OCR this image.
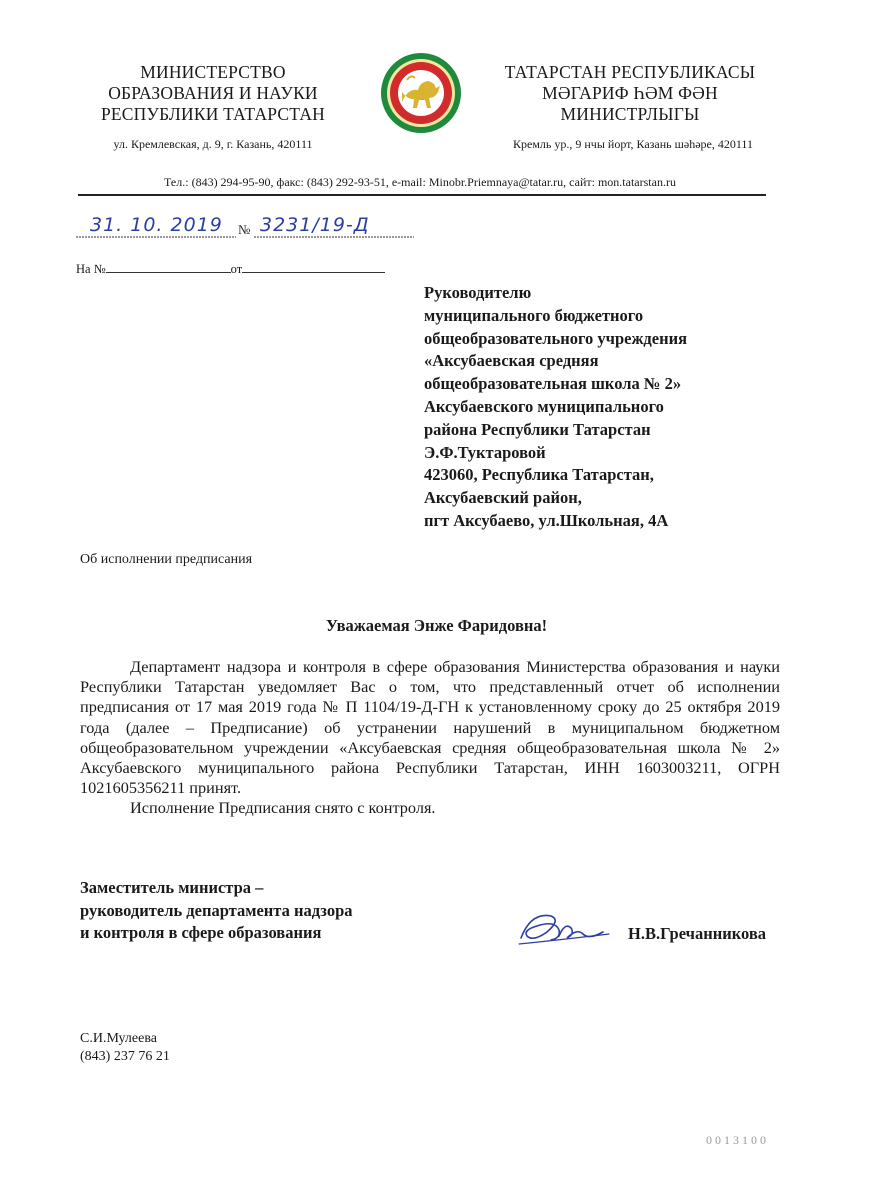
МИНИСТЕРСТВО
ОБРАЗОВАНИЯ И НАУКИ
РЕСПУБЛИКИ ТАТАРСТАН
ТАТАРСТАН РЕСПУБЛИКАСЫ
МӘГАРИФ ҺӘМ ФӘН
МИНИСТРЛЫГЫ
ул. Кремлевская, д. 9, г. Казань, 420111	Кремль ур., 9 нчы йорт, Казань шәһәре, 420111
Тел.: (843) 294-95-90, факс: (843) 292-93-51, e-mail: Minobr.Priemnaya@tatar.ru, сайт: mon.tatarstan.ru
31. 10. 2019 № 3231/19-Д
На №	от
Руководителю
муниципального бюджетного
общеобразовательного учреждения
«Аксубаевская средняя
общеобразовательная школа № 2»
Аксубаевского муниципального
района Республики Татарстан
Э.Ф.Туктаровой
423060, Республика Татарстан,
Аксубаевский район,
пгт Аксубаево, ул.Школьная, 4А
Об исполнении предписания
Уважаемая Энже Фаридовна!

Департамент надзора и контроля в сфере образования Министерства образования и науки Республики Татарстан уведомляет Вас о том, что представленный отчет об исполнении предписания от 17 мая 2019 года № П 1104/19-Д-ГН к установленному сроку до 25 октября 2019 года (далее – Предписание) об устранении нарушений в муниципальном бюджетном общеобразовательном учреждении «Аксубаевская средняя общеобразовательная школа № 2» Аксубаевского муниципального района Республики Татарстан, ИНН 1603003211, ОГРН 1021605356211 принят.

Исполнение Предписания снято с контроля.

Заместитель министра –
руководитель департамента надзора
и контроля в сфере образования	Н.В.Гречанникова
С.И.Мулеева
(843) 237 76 21
0013100
